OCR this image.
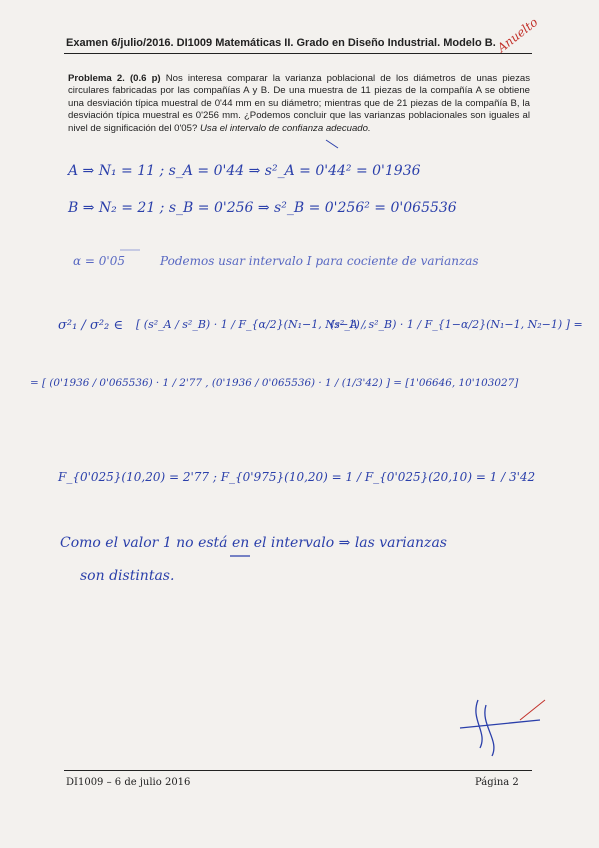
Examen 6/julio/2016. DI1009 Matemáticas II. Grado en Diseño Industrial. Modelo B.
Anuelto
Problema 2. (0.6 p) Nos interesa comparar la varianza poblacional de los diámetros de unas piezas circulares fabricadas por las compañías A y B. De una muestra de 11 piezas de la compañía A se obtiene una desviación típica muestral de 0'44 mm en su diámetro; mientras que de 21 piezas de la compañía B, la desviación típica muestral es 0'256 mm. ¿Podemos concluir que las varianzas poblacionales son iguales al nivel de significación del 0'05? Usa el intervalo de confianza adecuado.
A ⇒ N₁ = 11 ; s_A = 0'44 ⇒ s²_A = 0'44² = 0'1936
B ⇒ N₂ = 21 ; s_B = 0'256 ⇒ s²_B = 0'256² = 0'065536
α = 0'05	Podemos usar intervalo I para cociente de varianzas
σ²₁ / σ²₂ ∈ [ (s²_A / s²_B) · 1 / F_{α/2}(N₁−1, N₂−1) ,
(s²_A / s²_B) · 1 / F_{1−α/2}(N₁−1, N₂−1) ] =
= [ (0'1936 / 0'065536) · 1 / 2'77 , (0'1936 / 0'065536) · 1 / (1/3'42) ] = [1'06646, 10'103027]
F_{0'025}(10,20) = 2'77 ; F_{0'975}(10,20) = 1 / F_{0'025}(20,10) = 1 / 3'42
Como el valor 1 no está en el intervalo ⇒ las varianzas
son distintas.
DI1009 – 6 de julio 2016	Página 2
